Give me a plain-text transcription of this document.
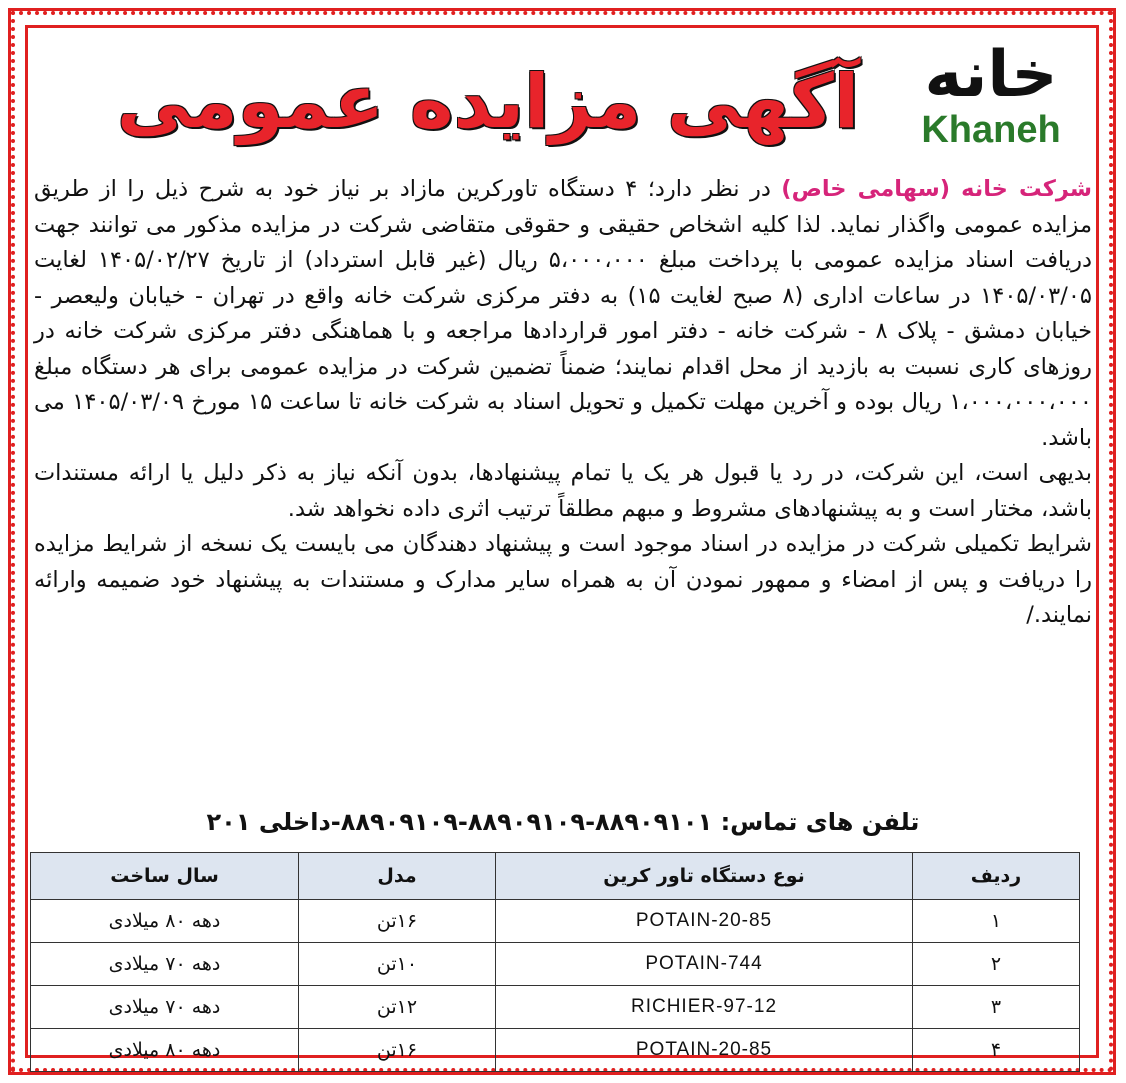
خانه
Khaneh
آگهی مزایده عمومی

شرکت خانه (سهامی خاص) در نظر دارد؛ ۴ دستگاه تاورکرین مازاد بر نیاز خود به شرح ذیل را از طریق مزایده عمومی واگذار نماید. لذا کلیه اشخاص حقیقی و حقوقی متقاضی شرکت در مزایده مذکور می توانند جهت دریافت اسناد مزایده عمومی با پرداخت مبلغ ۵،۰۰۰،۰۰۰ ریال (غیر قابل استرداد) از تاریخ ۱۴۰۵/۰۲/۲۷ لغایت ۱۴۰۵/۰۳/۰۵ در ساعات اداری (۸ صبح لغایت ۱۵) به دفتر مرکزی شرکت خانه واقع در تهران - خیابان ولیعصر - خیابان دمشق - پلاک ۸ - شرکت خانه - دفتر امور قراردادها مراجعه و با هماهنگی دفتر مرکزی شرکت خانه در روزهای کاری نسبت به بازدید از محل اقدام نمایند؛ ضمناً تضمین شرکت در مزایده عمومی برای هر دستگاه مبلغ ۱،۰۰۰،۰۰۰،۰۰۰ ریال بوده و آخرین مهلت تکمیل و تحویل اسناد به شرکت خانه تا ساعت ۱۵ مورخ ۱۴۰۵/۰۳/۰۹ می باشد.

بدیهی است، این شرکت، در رد یا قبول هر یک یا تمام پیشنهادها، بدون آنکه نیاز به ذکر دلیل یا ارائه مستندات باشد، مختار است و به پیشنهادهای مشروط و مبهم مطلقاً ترتیب اثری داده نخواهد شد.

شرایط تکمیلی شرکت در مزایده در اسناد موجود است و پیشنهاد دهندگان می بایست یک نسخه از شرایط مزایده را دریافت و پس از امضاء و ممهور نمودن آن به همراه سایر مدارک و مستندات به پیشنهاد خود ضمیمه وارائه نمایند./

تلفن های تماس: ۸۸۹۰۹۱۰۱-۸۸۹۰۹۱۰۹-۸۸۹۰۹۱۰۹-داخلی ۲۰۱
ردیف	نوع دستگاه تاور کرین	مدل	سال ساخت
۱	POTAIN-20-85	۱۶تن	دهه ۸۰ میلادی
۲	POTAIN-744	۱۰تن	دهه ۷۰ میلادی
۳	RICHIER-97-12	۱۲تن	دهه ۷۰ میلادی
۴	POTAIN-20-85	۱۶تن	دهه ۸۰ میلادی
